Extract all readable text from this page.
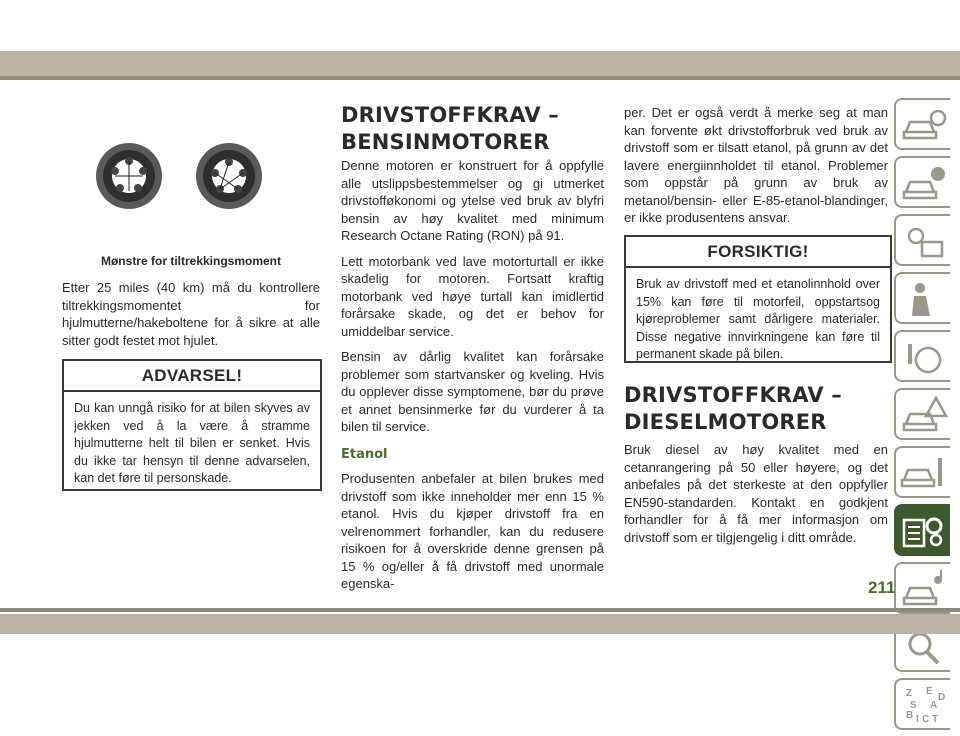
Mønstre for tiltrekkingsmoment

Etter 25 miles (40 km) må du kontrollere tiltrekkingsmomentet for hjulmutterne/hakeboltene for å sikre at alle sitter godt festet mot hjulet.

ADVARSEL!
Du kan unngå risiko for at bilen skyves av jekken ved å la være å stramme hjulmutterne helt til bilen er senket. Hvis du ikke tar hensyn til denne advarselen, kan det føre til personskade.
DRIVSTOFFKRAV – BENSINMOTORER

Denne motoren er konstruert for å oppfylle alle utslippsbestemmelser og gi utmerket drivstofføkonomi og ytelse ved bruk av blyfri bensin av høy kvalitet med minimum Research Octane Rating (RON) på 91.

Lett motorbank ved lave motorturtall er ikke skadelig for motoren. Fortsatt kraftig motorbank ved høye turtall kan imidlertid forårsake skade, og det er behov for umiddelbar service.

Bensin av dårlig kvalitet kan forårsake problemer som startvansker og kveling. Hvis du opplever disse symptomene, bør du prøve et annet bensinmerke før du vurderer å ta bilen til service.

Etanol

Produsenten anbefaler at bilen brukes med drivstoff som ikke inneholder mer enn 15 % etanol. Hvis du kjøper drivstoff fra en velrenommert forhandler, kan du redusere risikoen for å overskride denne grensen på 15 % og/eller å få drivstoff med unormale egenska-

per. Det er også verdt å merke seg at man kan forvente økt drivstofforbruk ved bruk av drivstoff som er tilsatt etanol, på grunn av det lavere energiinnholdet til etanol. Problemer som oppstår på grunn av bruk av metanol/bensin- eller E-85-etanol-blandinger, er ikke produsentens ansvar.

FORSIKTIG!
Bruk av drivstoff med et etanolinnhold over 15% kan føre til motorfeil, oppstartsog kjøreproblemer samt dårligere materialer. Disse negative innvirkningene kan føre til permanent skade på bilen.
DRIVSTOFFKRAV – DIESELMOTORER

Bruk diesel av høy kvalitet med en cetanrangering på 50 eller høyere, og det anbefales på det sterkeste at den oppfyller EN590-standarden. Kontakt en godkjent forhandler for å få mer informasjon om drivstoff som er tilgjengelig i ditt område.

Z E
S A
B I C T
D
211
